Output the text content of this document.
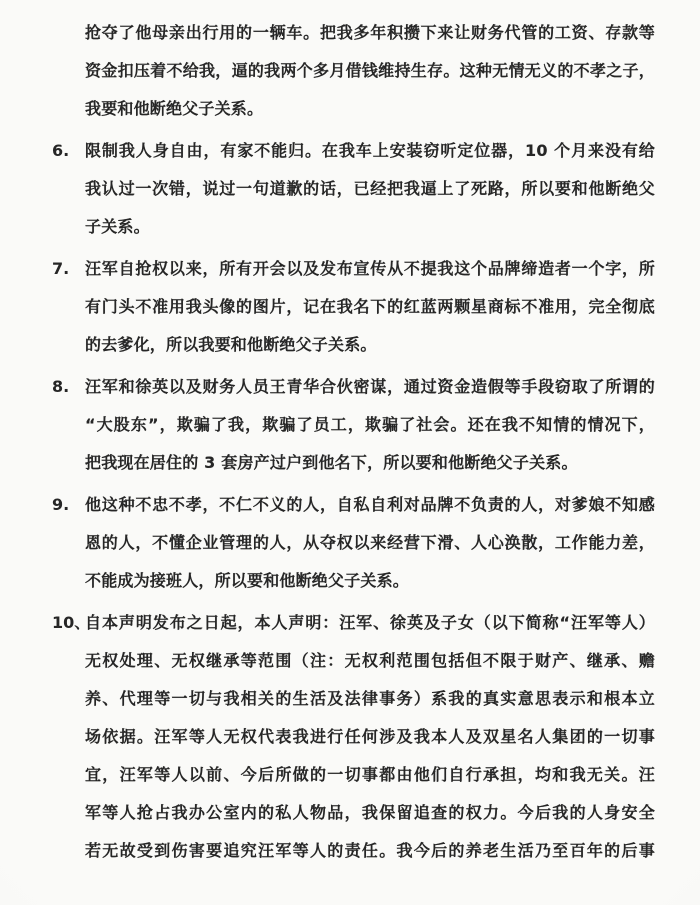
抢夺了他母亲出行用的一辆车。把我多年积攒下来让财务代管的工资、存款等
资金扣压着不给我，逼的我两个多月借钱维持生存。这种无情无义的不孝之子，
我要和他断绝父子关系。
6. 限制我人身自由，有家不能归。在我车上安装窃听定位器，10 个月来没有给
我认过一次错，说过一句道歉的话，已经把我逼上了死路，所以要和他断绝父
子关系。
7. 汪军自抢权以来，所有开会以及发布宣传从不提我这个品牌缔造者一个字，所
有门头不准用我头像的图片，记在我名下的红蓝两颗星商标不准用，完全彻底
的去爹化，所以我要和他断绝父子关系。
8. 汪军和徐英以及财务人员王青华合伙密谋，通过资金造假等手段窃取了所谓的
“大股东”，欺骗了我，欺骗了员工，欺骗了社会。还在我不知情的情况下，
把我现在居住的 3 套房产过户到他名下，所以要和他断绝父子关系。
9. 他这种不忠不孝，不仁不义的人，自私自利对品牌不负责的人，对爹娘不知感
恩的人，不懂企业管理的人，从夺权以来经营下滑、人心涣散，工作能力差，
不能成为接班人，所以要和他断绝父子关系。
10、
自本声明发布之日起，本人声明：汪军、徐英及子女（以下简称“汪军等人）
无权处理、无权继承等范围（注：无权利范围包括但不限于财产、继承、赡
养、代理等一切与我相关的生活及法律事务）系我的真实意思表示和根本立
场依据。汪军等人无权代表我进行任何涉及我本人及双星名人集团的一切事
宜，汪军等人以前、今后所做的一切事都由他们自行承担，均和我无关。汪
军等人抢占我办公室内的私人物品，我保留追查的权力。今后我的人身安全
若无故受到伤害要追究汪军等人的责任。我今后的养老生活乃至百年的后事
